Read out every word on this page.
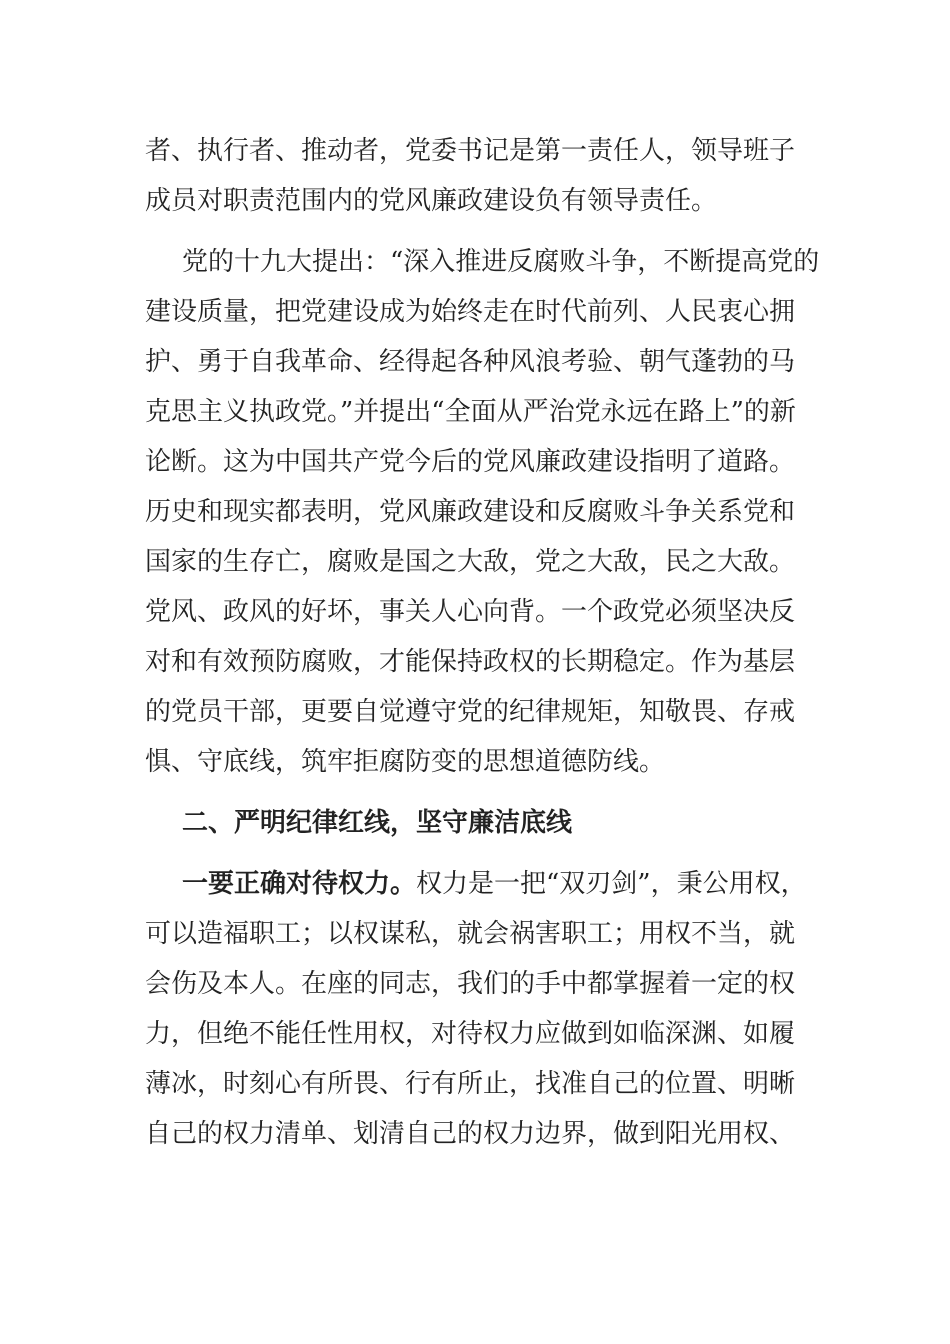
者、执行者、推动者，党委书记是第一责任人，领导班子
成员对职责范围内的党风廉政建设负有领导责任。
党的十九大提出：“深入推进反腐败斗争，不断提高党的
建设质量，把党建设成为始终走在时代前列、人民衷心拥
护、勇于自我革命、经得起各种风浪考验、朝气蓬勃的马
克思主义执政党。”并提出“全面从严治党永远在路上”的新
论断。这为中国共产党今后的党风廉政建设指明了道路。
历史和现实都表明，党风廉政建设和反腐败斗争关系党和
国家的生存亡，腐败是国之大敌，党之大敌，民之大敌。
党风、政风的好坏，事关人心向背。一个政党必须坚决反
对和有效预防腐败，才能保持政权的长期稳定。作为基层
的党员干部，更要自觉遵守党的纪律规矩，知敬畏、存戒
惧、守底线，筑牢拒腐防变的思想道德防线。
二、严明纪律红线，坚守廉洁底线
一要正确对待权力。权力是一把“双刃剑”，秉公用权，
可以造福职工；以权谋私，就会祸害职工；用权不当，就
会伤及本人。在座的同志，我们的手中都掌握着一定的权
力，但绝不能任性用权，对待权力应做到如临深渊、如履
薄冰，时刻心有所畏、行有所止，找准自己的位置、明晰
自己的权力清单、划清自己的权力边界，做到阳光用权、
